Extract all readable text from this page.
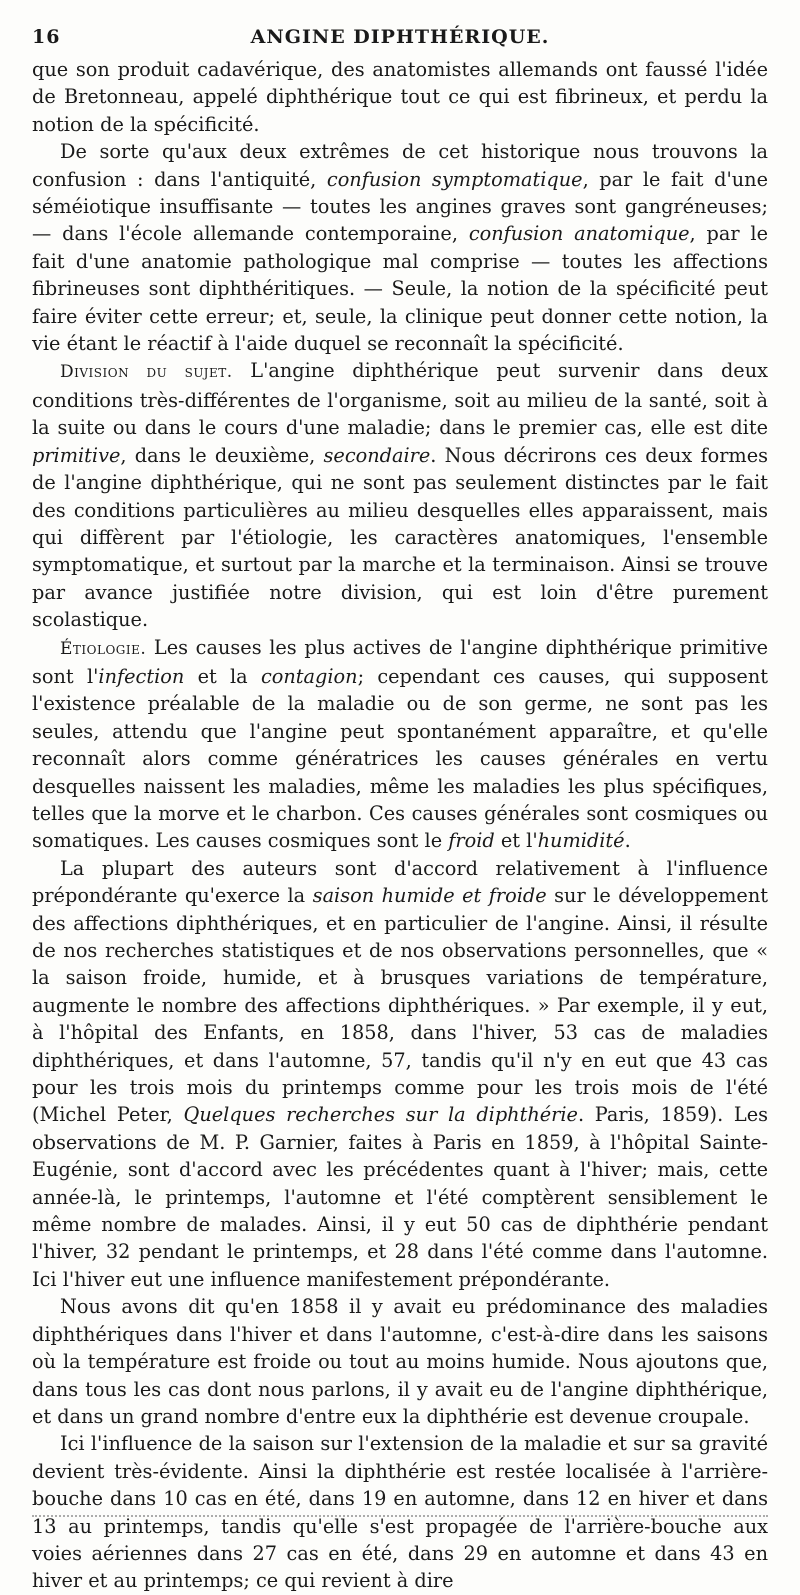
16	ANGINE DIPHTHÉRIQUE.

que son produit cadavérique, des anatomistes allemands ont faussé l'idée de Bretonneau, appelé diphthérique tout ce qui est fibrineux, et perdu la notion de la spécificité.

De sorte qu'aux deux extrêmes de cet historique nous trouvons la confusion : dans l'antiquité, confusion symptomatique, par le fait d'une séméiotique insuffisante — toutes les angines graves sont gangréneuses; — dans l'école allemande contemporaine, confusion anatomique, par le fait d'une anatomie pathologique mal comprise — toutes les affections fibrineuses sont diphthéritiques. — Seule, la notion de la spécificité peut faire éviter cette erreur; et, seule, la clinique peut donner cette notion, la vie étant le réactif à l'aide duquel se reconnaît la spécificité.

Division du sujet. L'angine diphthérique peut survenir dans deux conditions très-différentes de l'organisme, soit au milieu de la santé, soit à la suite ou dans le cours d'une maladie; dans le premier cas, elle est dite primitive, dans le deuxième, secondaire. Nous décrirons ces deux formes de l'angine diphthérique, qui ne sont pas seulement distinctes par le fait des conditions particulières au milieu desquelles elles apparaissent, mais qui diffèrent par l'étiologie, les caractères anatomiques, l'ensemble symptomatique, et surtout par la marche et la terminaison. Ainsi se trouve par avance justifiée notre division, qui est loin d'être purement scolastique.

Étiologie. Les causes les plus actives de l'angine diphthérique primitive sont l'infection et la contagion; cependant ces causes, qui supposent l'existence préalable de la maladie ou de son germe, ne sont pas les seules, attendu que l'angine peut spontanément apparaître, et qu'elle reconnaît alors comme génératrices les causes générales en vertu desquelles naissent les maladies, même les maladies les plus spécifiques, telles que la morve et le charbon. Ces causes générales sont cosmiques ou somatiques. Les causes cosmiques sont le froid et l'humidité.

La plupart des auteurs sont d'accord relativement à l'influence prépondérante qu'exerce la saison humide et froide sur le développement des affections diphthériques, et en particulier de l'angine. Ainsi, il résulte de nos recherches statistiques et de nos observations personnelles, que « la saison froide, humide, et à brusques variations de température, augmente le nombre des affections diphthériques. » Par exemple, il y eut, à l'hôpital des Enfants, en 1858, dans l'hiver, 53 cas de maladies diphthériques, et dans l'automne, 57, tandis qu'il n'y en eut que 43 cas pour les trois mois du printemps comme pour les trois mois de l'été (Michel Peter, Quelques recherches sur la diphthérie. Paris, 1859). Les observations de M. P. Garnier, faites à Paris en 1859, à l'hôpital Sainte-Eugénie, sont d'accord avec les précédentes quant à l'hiver; mais, cette année-là, le printemps, l'automne et l'été comptèrent sensiblement le même nombre de malades. Ainsi, il y eut 50 cas de diphthérie pendant l'hiver, 32 pendant le printemps, et 28 dans l'été comme dans l'automne. Ici l'hiver eut une influence manifestement prépondérante.

Nous avons dit qu'en 1858 il y avait eu prédominance des maladies diphthériques dans l'hiver et dans l'automne, c'est-à-dire dans les saisons où la température est froide ou tout au moins humide. Nous ajoutons que, dans tous les cas dont nous parlons, il y avait eu de l'angine diphthérique, et dans un grand nombre d'entre eux la diphthérie est devenue croupale.

Ici l'influence de la saison sur l'extension de la maladie et sur sa gravité devient très-évidente. Ainsi la diphthérie est restée localisée à l'arrière-bouche dans 10 cas en été, dans 19 en automne, dans 12 en hiver et dans 13 au printemps, tandis qu'elle s'est propagée de l'arrière-bouche aux voies aériennes dans 27 cas en été, dans 29 en automne et dans 43 en hiver et au printemps; ce qui revient à dire
